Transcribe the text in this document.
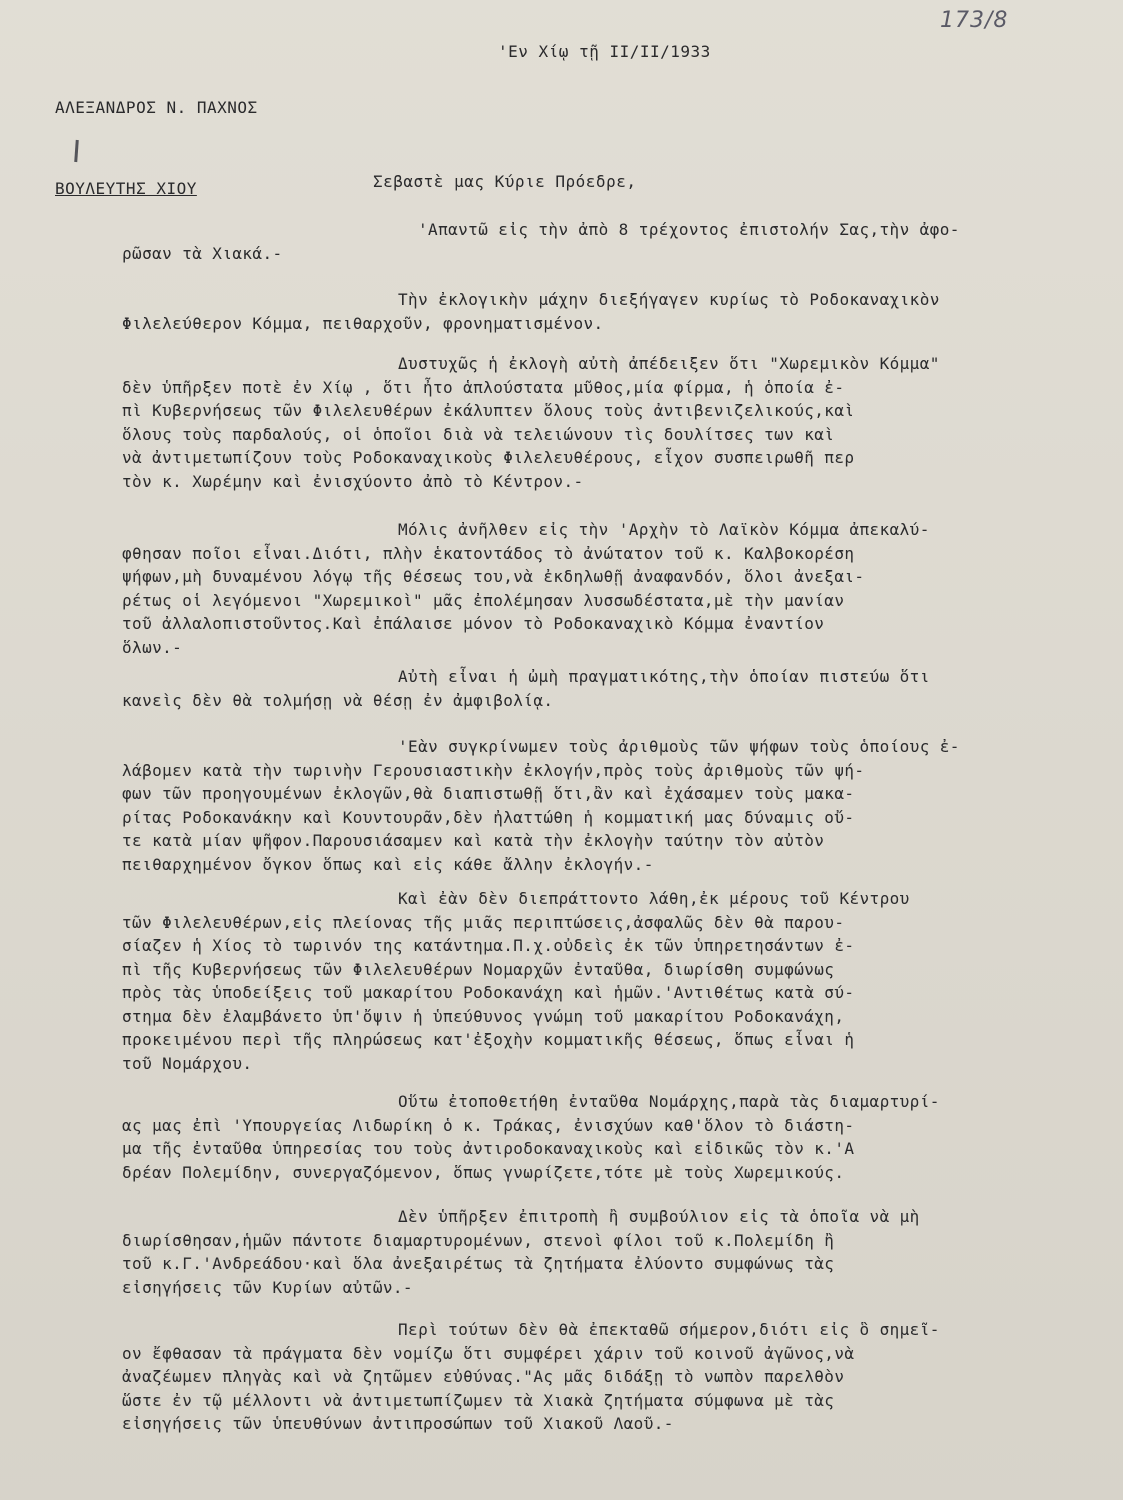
173/8

ΑΛΕΞΑΝΔΡΟΣ Ν. ΠΑΧΝΟΣ

ΒΟΥΛΕΥΤΗΣ ΧΙΟΥ

'Εν Χίῳ τῇ II/II/1933
Σεβαστὲ μας Κύριε Πρόεδρε,
'Απαντῶ εἰς τὴν ἀπὸ 8 τρέχοντος ἐπιστολήν Σας,τὴν ἀφο-
ρῶσαν τὰ Χιακά.-
Τὴν ἐκλογικὴν μάχην διεξήγαγεν κυρίως τὸ Ροδοκαναχικὸν
Φιλελεύθερον Κόμμα, πειθαρχοῦν, φρονηματισμένον.
Δυστυχῶς ἡ ἐκλογὴ αὐτὴ ἀπέδειξεν ὅτι "Χωρεμικὸν Κόμμα"
δὲν ὑπῆρξεν ποτὲ ἐν Χίῳ , ὅτι ἦτο ἁπλούστατα μῦθος,μία φίρμα, ἡ ὁποία ἐ-
πὶ Κυβερνήσεως τῶν Φιλελευθέρων ἐκάλυπτεν ὅλους τοὺς ἀντιβενιζελικούς,καὶ
ὅλους τοὺς παρδαλούς, οἱ ὁποῖοι διὰ νὰ τελειώνουν τὶς δουλίτσες των καὶ
νὰ ἀντιμετωπίζουν τοὺς Ροδοκαναχικοὺς Φιλελευθέρους, εἶχον συσπειρωθῆ περ
τὸν κ. Χωρέμην καὶ ἐνισχύοντο ἀπὸ τὸ Κέντρον.-
Μόλις ἀνῆλθεν εἰς τὴν 'Αρχὴν τὸ Λαϊκὸν Κόμμα ἀπεκαλύ-
φθησαν ποῖοι εἶναι.Διότι, πλὴν ἑκατοντάδος τὸ ἀνώτατον τοῦ κ. Καλβοκορέση
ψήφων,μὴ δυναμένου λόγῳ τῆς θέσεως του,νὰ ἐκδηλωθῇ ἀναφανδόν, ὅλοι ἀνεξαι-
ρέτως οἱ λεγόμενοι "Χωρεμικοὶ" μᾶς ἐπολέμησαν λυσσωδέστατα,μὲ τὴν μανίαν
τοῦ ἀλλαλοπιστοῦντος.Καὶ ἐπάλαισε μόνον τὸ Ροδοκαναχικὸ Κόμμα ἐναντίον
ὅλων.-
Αὐτὴ εἶναι ἡ ὠμὴ πραγματικότης,τὴν ὁποίαν πιστεύω ὅτι
κανεὶς δὲν θὰ τολμήσῃ νὰ θέσῃ ἐν ἀμφιβολίᾳ.
'Εὰν συγκρίνωμεν τοὺς ἀριθμοὺς τῶν ψήφων τοὺς ὁποίους ἐ-
λάβομεν κατὰ τὴν τωρινὴν Γερουσιαστικὴν ἐκλογήν,πρὸς τοὺς ἀριθμοὺς τῶν ψή-
φων τῶν προηγουμένων ἐκλογῶν,θὰ διαπιστωθῇ ὅτι,ἂν καὶ ἐχάσαμεν τοὺς μακα-
ρίτας Ροδοκανάκην καὶ Κουντουρᾶν,δὲν ἠλαττώθη ἡ κομματική μας δύναμις οὔ-
τε κατὰ μίαν ψῆφον.Παρουσιάσαμεν καὶ κατὰ τὴν ἐκλογὴν ταύτην τὸν αὐτὸν
πειθαρχημένον ὄγκον ὅπως καὶ εἰς κάθε ἄλλην ἐκλογήν.-
Καὶ ἐὰν δὲν διεπράττοντο λάθη,ἐκ μέρους τοῦ Κέντρου
τῶν Φιλελευθέρων,εἰς πλείονας τῆς μιᾶς περιπτώσεις,ἀσφαλῶς δὲν θὰ παρου-
σίαζεν ἡ Χίος τὸ τωρινόν της κατάντημα.Π.χ.οὐδεὶς ἐκ τῶν ὑπηρετησάντων ἐ-
πὶ τῆς Κυβερνήσεως τῶν Φιλελευθέρων Νομαρχῶν ἐνταῦθα, διωρίσθη συμφώνως
πρὸς τὰς ὑποδείξεις τοῦ μακαρίτου Ροδοκανάχη καὶ ἡμῶν.'Αντιθέτως κατὰ σύ-
στημα δὲν ἐλαμβάνετο ὑπ'ὄψιν ἡ ὑπεύθυνος γνώμη τοῦ μακαρίτου Ροδοκανάχη,
προκειμένου περὶ τῆς πληρώσεως κατ'ἐξοχὴν κομματικῆς θέσεως, ὅπως εἶναι ἡ
τοῦ Νομάρχου.
Οὕτω ἐτοποθετήθη ἐνταῦθα Νομάρχης,παρὰ τὰς διαμαρτυρί-
ας μας ἐπὶ 'Υπουργείας Λιδωρίκη ὁ κ. Τράκας, ἐνισχύων καθ'ὅλον τὸ διάστη-
μα τῆς ἐνταῦθα ὑπηρεσίας του τοὺς ἀντιροδοκαναχικοὺς καὶ εἰδικῶς τὸν κ.'Α
δρέαν Πολεμίδην, συνεργαζόμενον, ὅπως γνωρίζετε,τότε μὲ τοὺς Χωρεμικούς.
Δὲν ὑπῆρξεν ἐπιτροπὴ ἢ συμβούλιον εἰς τὰ ὁποῖα νὰ μὴ
διωρίσθησαν,ἡμῶν πάντοτε διαμαρτυρομένων, στενοὶ φίλοι τοῦ κ.Πολεμίδη ἢ
τοῦ κ.Γ.'Ανδρεάδου·καὶ ὅλα ἀνεξαιρέτως τὰ ζητήματα ἐλύοντο συμφώνως τὰς
εἰσηγήσεις τῶν Κυρίων αὐτῶν.-
Περὶ τούτων δὲν θὰ ἐπεκταθῶ σήμερον,διότι εἰς ὃ σημεῖ-
ον ἔφθασαν τὰ πράγματα δὲν νομίζω ὅτι συμφέρει χάριν τοῦ κοινοῦ ἀγῶνος,νὰ
ἀναζέωμεν πληγὰς καὶ νὰ ζητῶμεν εὐθύνας."Ας μᾶς διδάξῃ τὸ νωπὸν παρελθὸν
ὥστε ἐν τῷ μέλλοντι νὰ ἀντιμετωπίζωμεν τὰ Χιακὰ ζητήματα σύμφωνα μὲ τὰς
εἰσηγήσεις τῶν ὑπευθύνων ἀντιπροσώπων τοῦ Χιακοῦ Λαοῦ.-
